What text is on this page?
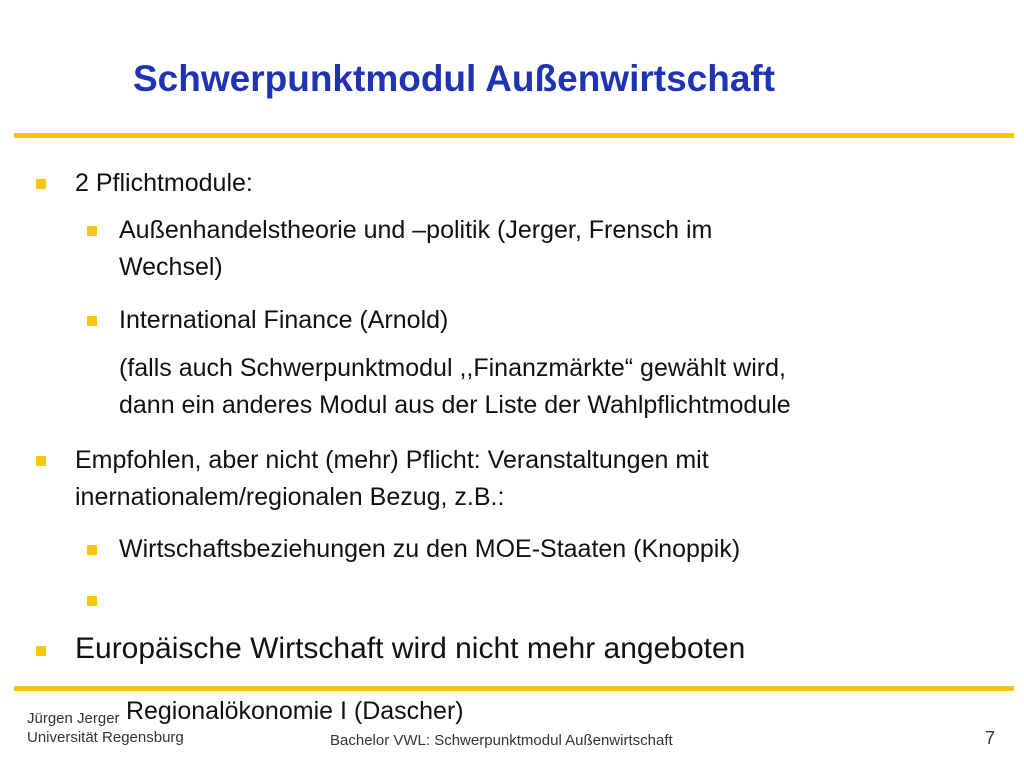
Schwerpunktmodul Außenwirtschaft
2 Pflichtmodule:
Außenhandelstheorie und –politik (Jerger, Frensch im
Wechsel)
International Finance (Arnold)
(falls auch Schwerpunktmodul ,,Finanzmärkte“ gewählt wird,
dann ein anderes Modul aus der Liste der Wahlpflichtmodule
Empfohlen, aber nicht (mehr) Pflicht: Veranstaltungen mit
inernationalem/regionalen Bezug, z.B.:
Wirtschaftsbeziehungen zu den MOE-Staaten (Knoppik)

Regionalökonomie I (Dascher)

Europäische Wirtschaft wird nicht mehr angeboten
Jürgen Jerger
Universität Regensburg	Bachelor VWL: Schwerpunktmodul Außenwirtschaft	7
